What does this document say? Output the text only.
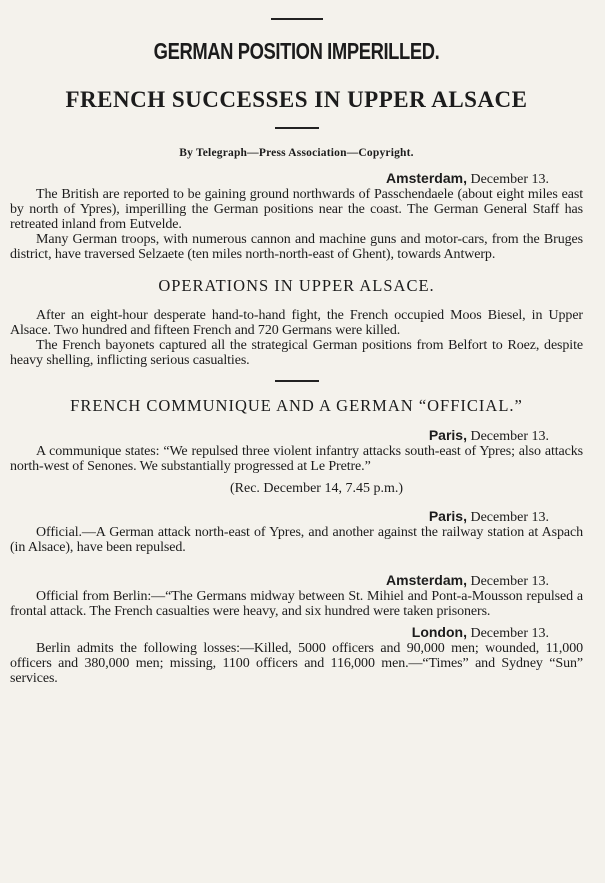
GERMAN POSITION IMPERILLED.
FRENCH SUCCESSES IN UPPER ALSACE
By Telegraph—Press Association—Copyright.
Amsterdam, December 13.

The British are reported to be gaining ground northwards of Passchendaele (about eight miles east by north of Ypres), imperilling the German positions near the coast. The German General Staff has retreated inland from Eutvelde.

Many German troops, with numerous cannon and machine guns and motor-cars, from the Bruges district, have traversed Selzaete (ten miles north-north-east of Ghent), towards Antwerp.

OPERATIONS IN UPPER ALSACE.

After an eight-hour desperate hand-to-hand fight, the French occupied Moos Biesel, in Upper Alsace. Two hundred and fifteen French and 720 Germans were killed.

The French bayonets captured all the strategical German positions from Belfort to Roez, despite heavy shelling, inflicting serious casualties.

FRENCH COMMUNIQUE AND A GERMAN “OFFICIAL.”
Paris, December 13.

A communique states: “We repulsed three violent infantry attacks south-east of Ypres; also attacks north-west of Senones. We substantially progressed at Le Pretre.”

(Rec. December 14, 7.45 p.m.)
Paris, December 13.

Official.—A German attack north-east of Ypres, and another against the railway station at Aspach (in Alsace), have been repulsed.

Amsterdam, December 13.

Official from Berlin:—“The Germans midway between St. Mihiel and Pont-a-Mousson repulsed a frontal attack. The French casualties were heavy, and six hundred were taken prisoners.

London, December 13.

Berlin admits the following losses:—Killed, 5000 officers and 90,000 men; wounded, 11,000 officers and 380,000 men; missing, 1100 officers and 116,000 men.—“Times” and Sydney “Sun” services.
